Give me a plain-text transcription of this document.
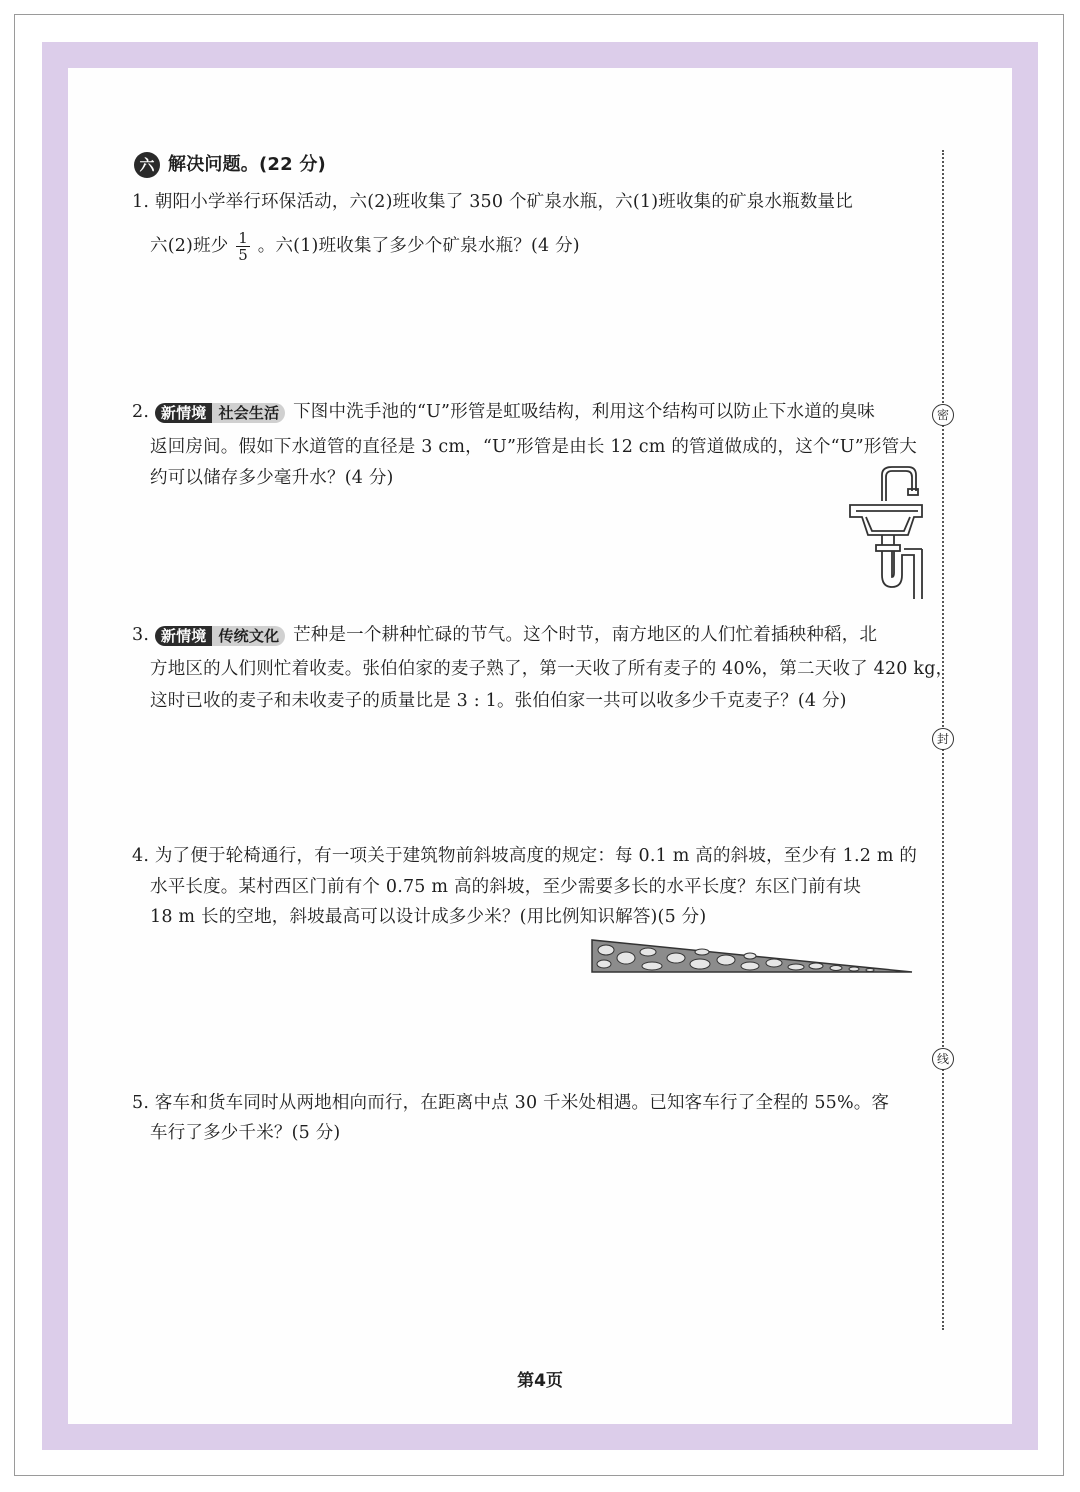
六 解决问题。(22 分)
1. 朝阳小学举行环保活动，六(2)班收集了 350 个矿泉水瓶，六(1)班收集的矿泉水瓶数量比
六(2)班少 $\frac{1}{5}$ 。六(1)班收集了多少个矿泉水瓶？(4 分)
2. 新情境 社会生活 下图中洗手池的“U”形管是虹吸结构，利用这个结构可以防止下水道的臭味
返回房间。假如下水道管的直径是 3 cm，“U”形管是由长 12 cm 的管道做成的，这个“U”形管大
约可以储存多少毫升水？(4 分)
3. 新情境 传统文化 芒种是一个耕种忙碌的节气。这个时节，南方地区的人们忙着插秧种稻，北
方地区的人们则忙着收麦。张伯伯家的麦子熟了，第一天收了所有麦子的 40%，第二天收了 420 kg，
这时已收的麦子和未收麦子的质量比是 3 : 1。张伯伯家一共可以收多少千克麦子？(4 分)
4. 为了便于轮椅通行，有一项关于建筑物前斜坡高度的规定：每 0.1 m 高的斜坡，至少有 1.2 m 的
水平长度。某村西区门前有个 0.75 m 高的斜坡，至少需要多长的水平长度？东区门前有块
18 m 长的空地，斜坡最高可以设计成多少米？(用比例知识解答)(5 分)
5. 客车和货车同时从两地相向而行，在距离中点 30 千米处相遇。已知客车行了全程的 55%。客
车行了多少千米？(5 分)
密
封
线
第4页
